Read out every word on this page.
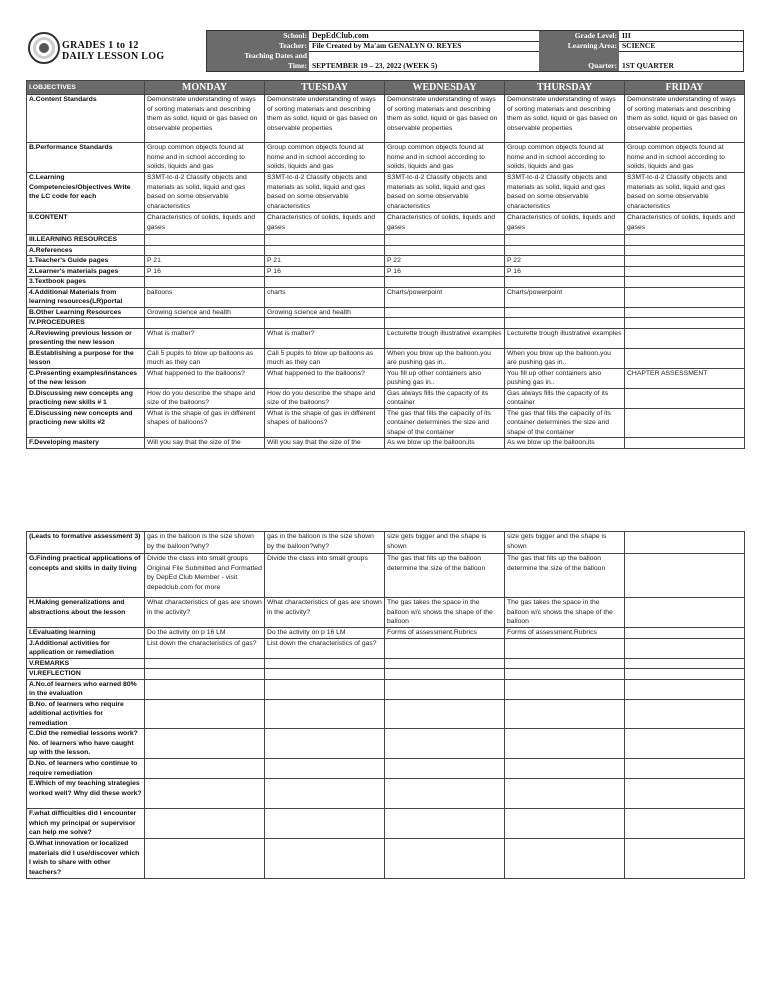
GRADES 1 to 12
DAILY LESSON LOG
School: DepEdClub.com	Grade Level: III
Teacher: File Created by Ma'am GENALYN O. REYES	Learning Area: SCIENCE
Teaching Dates and
Time: SEPTEMBER 19 – 23, 2022 (WEEK 5)	Quarter: 1ST QUARTER
I.OBJECTIVES	MONDAY	TUESDAY	WEDNESDAY	THURSDAY	FRIDAY
A.Content Standards	Demonstrate understanding of ways of sorting materials and describing them as solid, liquid or gas based on observable properties	Demonstrate understanding of ways of sorting materials and describing them as solid, liquid or gas based on observable properties	Demonstrate understanding of ways of sorting materials and describing them as solid, liquid or gas based on observable properties	Demonstrate understanding of ways of sorting materials and describing them as solid, liquid or gas based on observable properties	Demonstrate understanding of ways of sorting materials and describing them as solid, liquid or gas based on observable properties
B.Performance Standards	Group common objects found at home and in school according to solids, liquids and gas	Group common objects found at home and in school according to solids, liquids and gas	Group common objects found at home and in school according to solids, liquids and gas	Group common objects found at home and in school according to solids, liquids and gas	Group common objects found at home and in school according to solids, liquids and gas
C.Learning Competencies/Objectives Write the LC code for each	S3MT-Ic-d-2 Classify objects and materials as solid, liquid and gas based on some observable characteristics	S3MT-Ic-d-2 Classify objects and materials as solid, liquid and gas based on some observable characteristics	S3MT-Ic-d-2 Classify objects and materials as solid, liquid and gas based on some observable characteristics	S3MT-Ic-d-2 Classify objects and materials as solid, liquid and gas based on some observable characteristics	S3MT-Ic-d-2 Classify objects and materials as solid, liquid and gas based on some observable characteristics
II.CONTENT	Characteristics of solids, liquids and gases	Characteristics of solids, liquids and gases	Characteristics of solids, liquids and gases	Characteristics of solids, liquids and gases	Characteristics of solids, liquids and gases
III.LEARNING RESOURCES					
A.References					
1.Teacher's Guide pages	P 21	P 21	P 22	P 22	
2.Learner's materials pages	P 16	P 16	P 16	P 16	
3.Textbook pages					
4.Additional Materials from learning resources(LR)portal	balloons	charts	Charts/powerpoint	Charts/powerpoint	
B.Other Learning Resources	Growing science and health	Growing science and health			
IV.PROCEDURES					
A.Reviewing previous lesson or presenting the new lesson	What is matter?	What is matter?	Lecturette trough illustrative examples	Lecturette trough illustrative examples	
B.Establishing a purpose for the lesson	Call 5 pupils to blow up balloons as much as they can	Call 5 pupils to blow up balloons as much as they can	When you blow up the balloon,you are pushing gas in..	When you blow up the balloon,you are pushing gas in..	
C.Presenting examples/instances of the new lesson	What happened to the balloons?	What happened to the balloons?	You fill up other containers also pushing gas in..	You fill up other containers also pushing gas in..	CHAPTER ASSESSMENT
D.Discussing new concepts ang practicing new skills # 1	How do you describe the shape and size of the balloons?	How do you describe the shape and size of the balloons?	Gas always fills the capacity of its container	Gas always fills the capacity of its container	
E.Discussing new concepts and practicing new skills #2	What is the shape of gas in different shapes of balloons?	What is the shape of gas in different shapes of balloons?	The gas that fills the capacity of its container determines the size and shape of the container	The gas that fills the capacity of its container determines the size and shape of the container	
F.Developing mastery	Will you say that the size of the	Will you say that the size of the	As we blow up the balloon,its	As we blow up the balloon,its	
(Leads to formative assessment 3)	gas in the balloon is the size shown by the balloon?why?	gas in the balloon is the size shown by the balloon?why?	size gets bigger and the shape is shown	size gets bigger and the shape is shown	
G.Finding practical applications of concepts and skills in daily living	Divide the class into small groups Original File Submitted and Formatted by DepEd Club Member - visit depedclub.com for more	Divide the class into small groups	The gas that fills up the balloon determine the size of the balloon	The gas that fills up the balloon determine the size of the balloon	
H.Making generalizations and abstractions about the lesson	What characteristics of gas are shown in the activity?	What characteristics of gas are shown in the activity?	The gas takes the space in the balloon w/c shows the shape of the balloon	The gas takes the space in the balloon w/c shows the shape of the balloon	
I.Evaluating learning	Do the activity on p 16 LM	Do the activity on p 16 LM	Forms of assessment.Rubrics	Forms of assessment.Rubrics	
J.Additional activities for application or remediation	List down the characteristics of gas?	List down the characteristics of gas?			
V.REMARKS					
VI.REFLECTION					
A.No.of learners who earned 80% in the evaluation					
B.No. of learners who require additional activities for remediation					
C.Did the remedial lessons work? No. of learners who have caught up with the lesson.					
D.No. of learners who continue to require remediation					
E.Which of my teaching strategies worked well? Why did these work?					
F.what difficulties did I encounter which my principal or supervisor can help me solve?					
G.What innovation or localized materials did I use/discover which I wish to share with other teachers?					
